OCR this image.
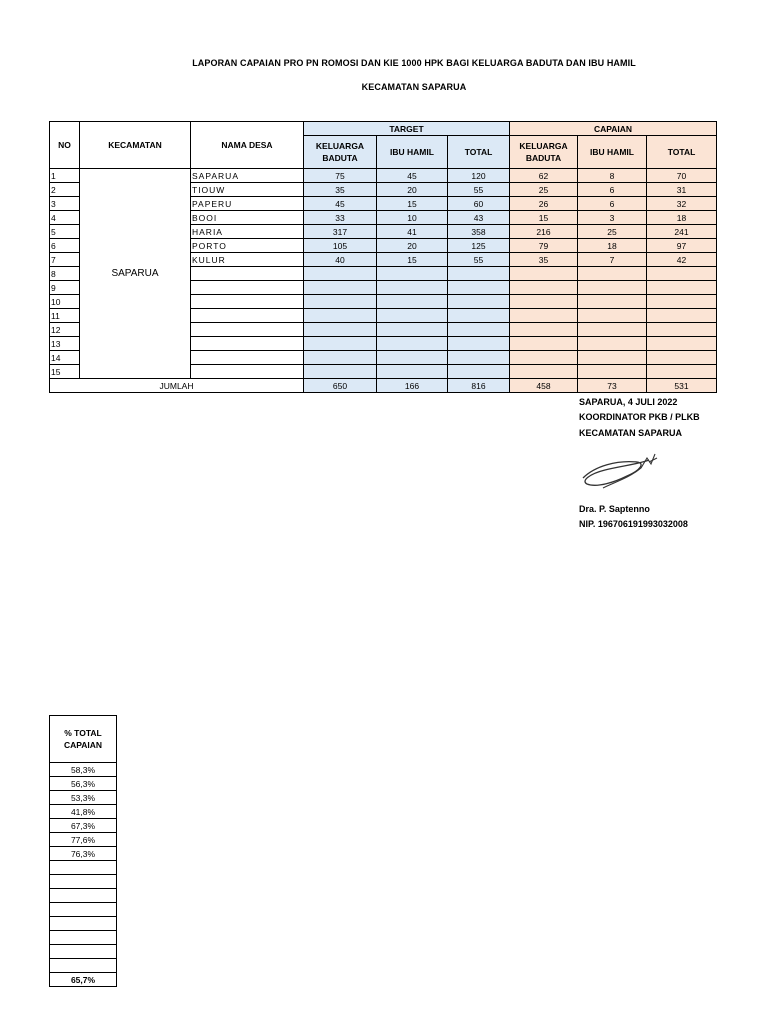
LAPORAN CAPAIAN PRO PN ROMOSI DAN KIE 1000 HPK BAGI KELUARGA BADUTA DAN IBU HAMIL
KECAMATAN SAPARUA
NO	KECAMATAN	NAMA DESA	TARGET			CAPAIAN		
			KELUARGA BADUTA	IBU HAMIL	TOTAL	KELUARGA BADUTA	IBU HAMIL	TOTAL
1	SAPARUA	SAPARUA	75	45	120	62	8	70
2		TIOUW	35	20	55	25	6	31
3		PAPERU	45	15	60	26	6	32
4		BOOI	33	10	43	15	3	18
5		HARIA	317	41	358	216	25	241
6		PORTO	105	20	125	79	18	97
7		KULUR	40	15	55	35	7	42
8								
9								
10								
11								
12								
13								
14								
15								
JUMLAH			650	166	816	458	73	531
SAPARUA, 4 JULI 2022
KOORDINATOR PKB / PLKB
KECAMATAN SAPARUA
Dra. P. Saptenno
NIP. 196706191993032008
% TOTAL CAPAIAN
58,3%
56,3%
53,3%
41,8%
67,3%
77,6%
76,3%

65,7%
